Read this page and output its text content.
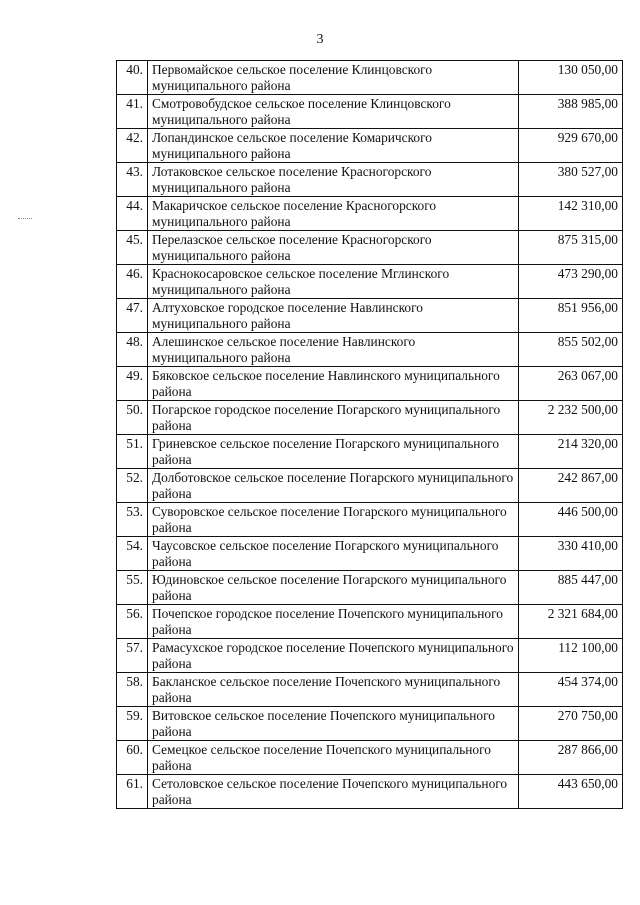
3
40.	Первомайское сельское поселение Клинцовского муниципального района	130 050,00
41.	Смотровобудское сельское поселение Клинцовского муниципального района	388 985,00
42.	Лопандинское сельское поселение Комаричского муниципального района	929 670,00
43.	Лотаковское сельское поселение Красногорского муниципального района	380 527,00
44.	Макаричское сельское поселение Красногорского муниципального района	142 310,00
45.	Перелазское сельское поселение Красногорского муниципального района	875 315,00
46.	Краснокосаровское сельское поселение Мглинского муниципального района	473 290,00
47.	Алтуховское городское поселение Навлинского муниципального района	851 956,00
48.	Алешинское сельское поселение Навлинского муниципального района	855 502,00
49.	Бяковское сельское поселение Навлинского муниципального района	263 067,00
50.	Погарское городское поселение Погарского муниципального района	2 232 500,00
51.	Гриневское сельское поселение Погарского муниципального района	214 320,00
52.	Долботовское сельское поселение Погарского муниципального района	242 867,00
53.	Суворовское сельское поселение Погарского муниципального района	446 500,00
54.	Чаусовское сельское поселение Погарского муниципального района	330 410,00
55.	Юдиновское сельское поселение Погарского муниципального района	885 447,00
56.	Почепское городское поселение Почепского муниципального района	2 321 684,00
57.	Рамасухское городское поселение Почепского муниципального района	112 100,00
58.	Бакланское сельское поселение Почепского муниципального района	454 374,00
59.	Витовское сельское поселение Почепского муниципального района	270 750,00
60.	Семецкое сельское поселение Почепского муниципального района	287 866,00
61.	Сетоловское сельское поселение Почепского муниципального района	443 650,00
